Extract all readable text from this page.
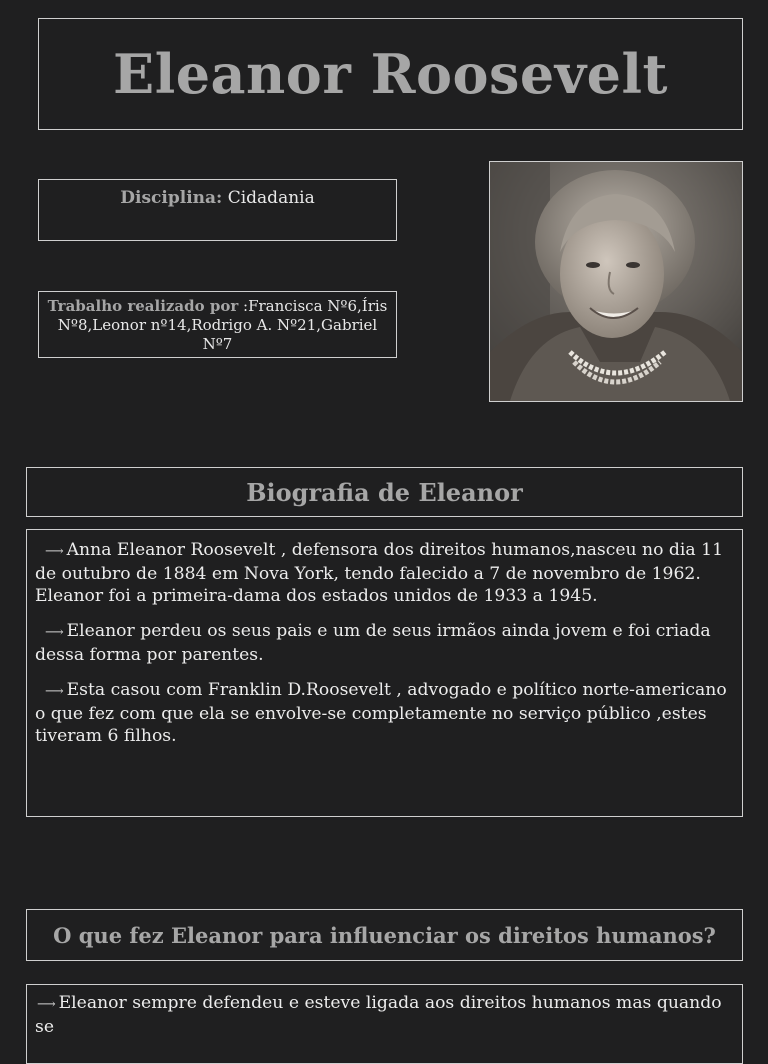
Eleanor Roosevelt
Disciplina: Cidadania
Trabalho realizado por :Francisca Nº6,Íris Nº8,Leonor nº14,Rodrigo A. Nº21,Gabriel Nº7
Biografia de Eleanor

⟶ Anna Eleanor Roosevelt , defensora dos direitos humanos,nasceu no dia 11 de outubro de 1884 em Nova York, tendo falecido a 7 de novembro de 1962. Eleanor foi a primeira-dama dos estados unidos de 1933 a 1945.

⟶ Eleanor perdeu os seus pais e um de seus irmãos ainda jovem e foi criada dessa forma por parentes.

⟶ Esta casou com Franklin D.Roosevelt , advogado e político norte-americano o que fez com que ela se envolve-se completamente no serviço público ,estes tiveram 6 filhos.

O que fez Eleanor para influenciar os direitos humanos?

⟶ Eleanor sempre defendeu e esteve ligada aos direitos humanos mas quando se
